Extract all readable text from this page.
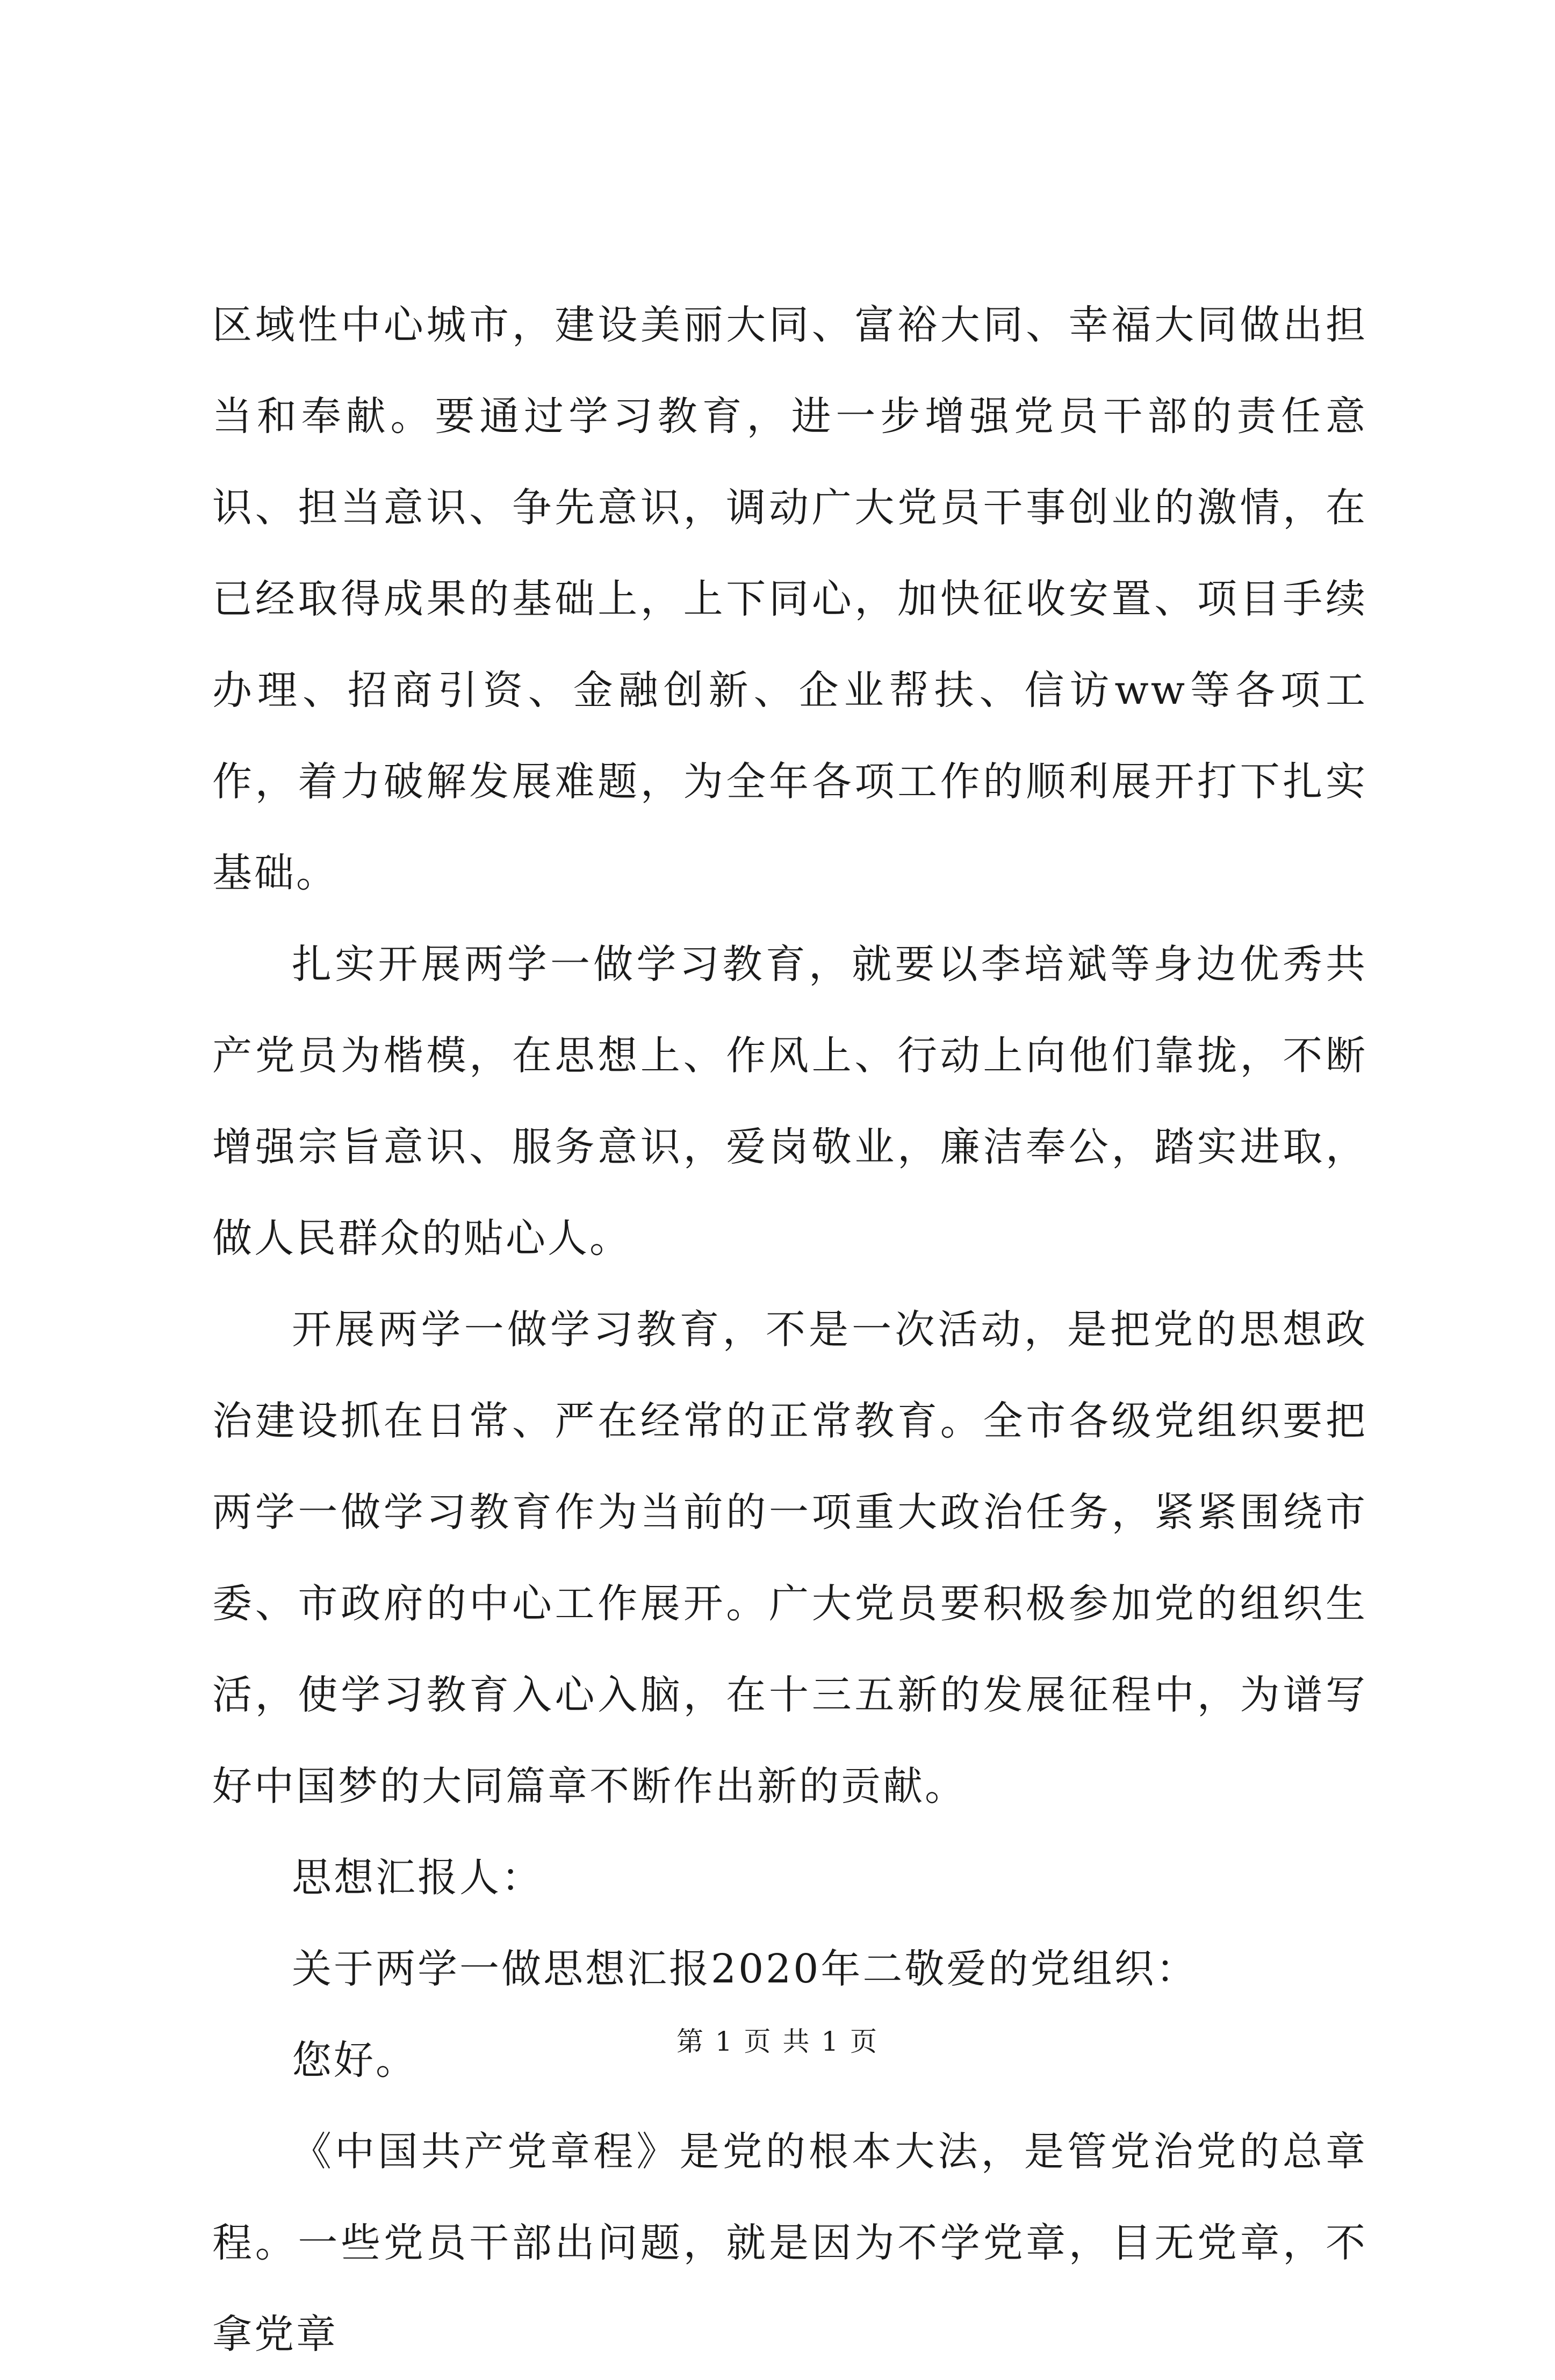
区域性中心城市，建设美丽大同、富裕大同、幸福大同做出担当和奉献。要通过学习教育，进一步增强党员干部的责任意识、担当意识、争先意识，调动广大党员干事创业的激情，在已经取得成果的基础上，上下同心，加快征收安置、项目手续办理、招商引资、金融创新、企业帮扶、信访ww等各项工作，着力破解发展难题，为全年各项工作的顺利展开打下扎实基础。

扎实开展两学一做学习教育，就要以李培斌等身边优秀共产党员为楷模，在思想上、作风上、行动上向他们靠拢，不断增强宗旨意识、服务意识，爱岗敬业，廉洁奉公，踏实进取，做人民群众的贴心人。

开展两学一做学习教育，不是一次活动，是把党的思想政治建设抓在日常、严在经常的正常教育。全市各级党组织要把两学一做学习教育作为当前的一项重大政治任务，紧紧围绕市委、市政府的中心工作展开。广大党员要积极参加党的组织生活，使学习教育入心入脑，在十三五新的发展征程中，为谱写好中国梦的大同篇章不断作出新的贡献。

思想汇报人：

关于两学一做思想汇报2020年二敬爱的党组织：

您好。

《中国共产党章程》是党的根本大法，是管党治党的总章程。一些党员干部出问题，就是因为不学党章，目无党章，不拿党章

第 1 页 共 1 页
